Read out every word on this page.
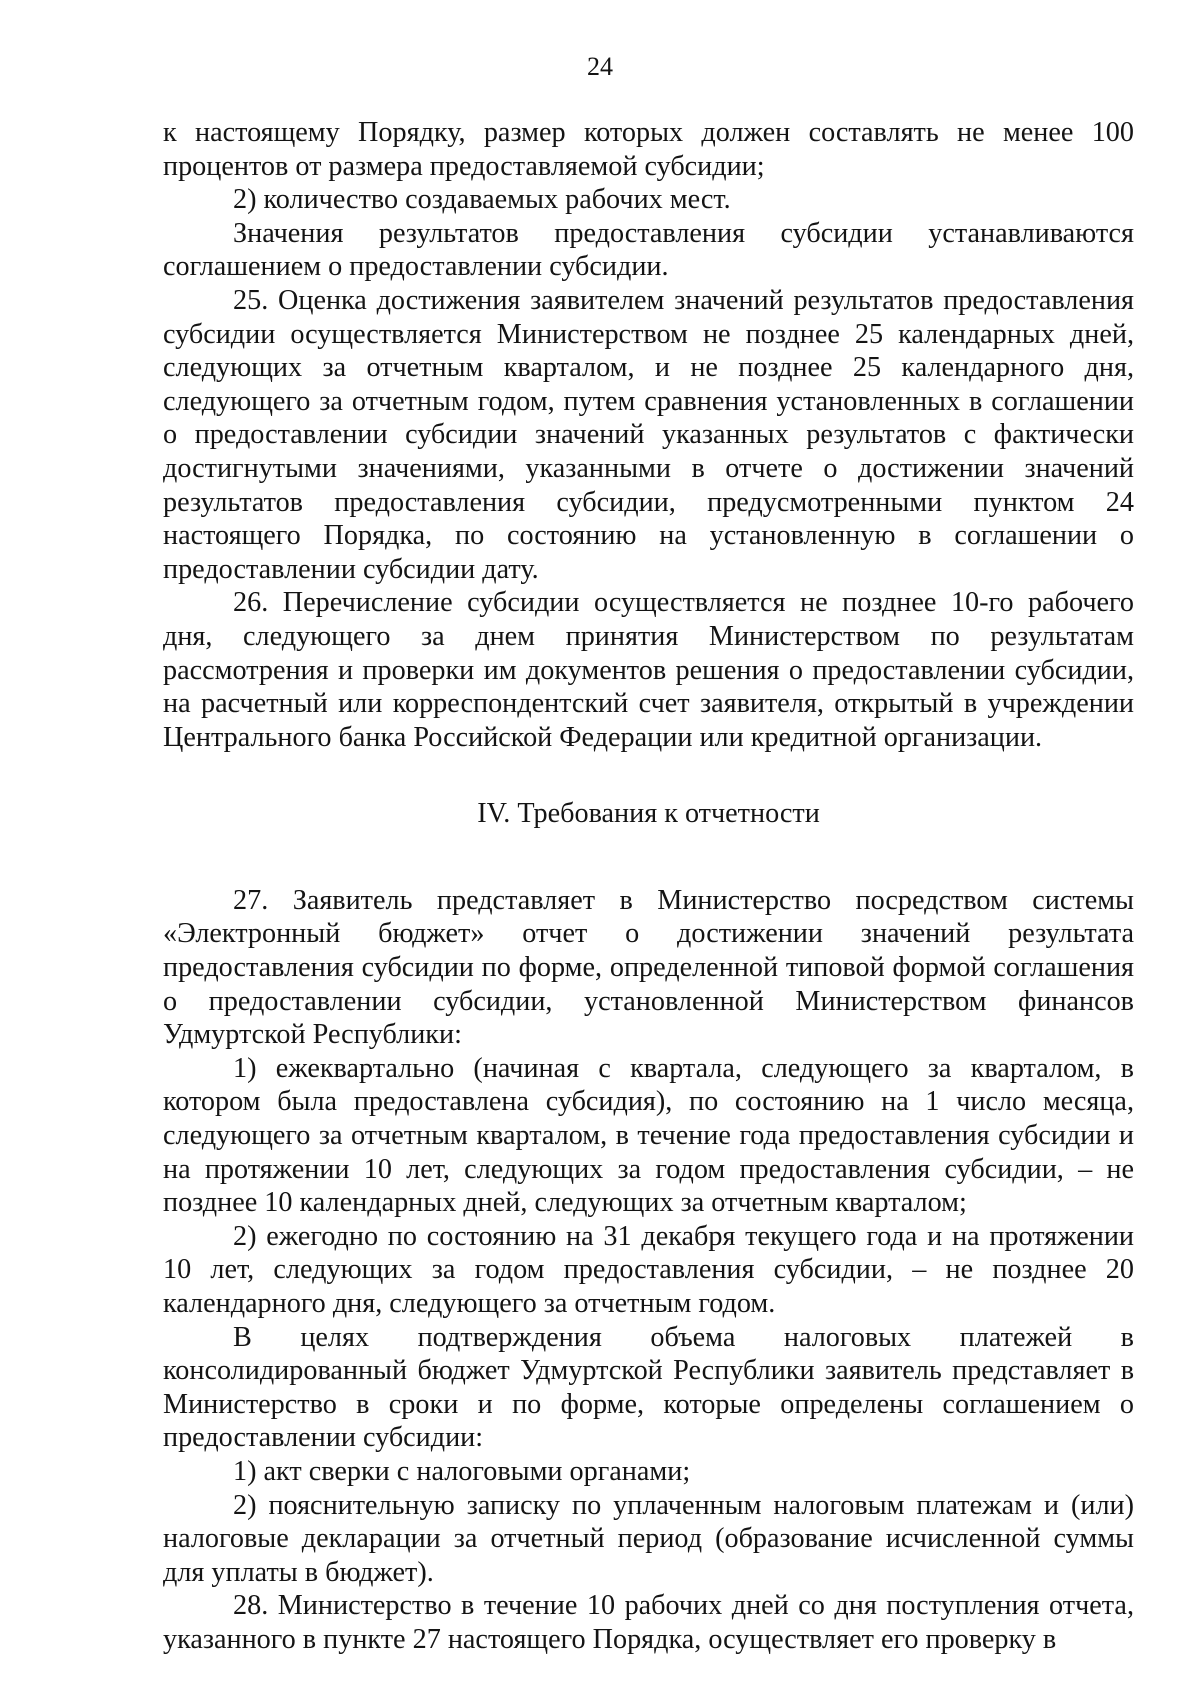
24

к настоящему Порядку, размер которых должен составлять не менее 100 процентов от размера предоставляемой субсидии;

2) количество создаваемых рабочих мест.

Значения результатов предоставления субсидии устанавливаются соглашением о предоставлении субсидии.

25. Оценка достижения заявителем значений результатов предоставления субсидии осуществляется Министерством не позднее 25 календарных дней, следующих за отчетным кварталом, и не позднее 25 календарного дня, следующего за отчетным годом, путем сравнения установленных в соглашении о предоставлении субсидии значений указанных результатов с фактически достигнутыми значениями, указанными в отчете о достижении значений результатов предоставления субсидии, предусмотренными пунктом 24 настоящего Порядка, по состоянию на установленную в соглашении о предоставлении субсидии дату.

26. Перечисление субсидии осуществляется не позднее 10-го рабочего дня, следующего за днем принятия Министерством по результатам рассмотрения и проверки им документов решения о предоставлении субсидии, на расчетный или корреспондентский счет заявителя, открытый в учреждении Центрального банка Российской Федерации или кредитной организации.

IV. Требования к отчетности

27. Заявитель представляет в Министерство посредством системы «Электронный бюджет» отчет о достижении значений результата предоставления субсидии по форме, определенной типовой формой соглашения о предоставлении субсидии, установленной Министерством финансов Удмуртской Республики:

1) ежеквартально (начиная с квартала, следующего за кварталом, в котором была предоставлена субсидия), по состоянию на 1 число месяца, следующего за отчетным кварталом, в течение года предоставления субсидии и на протяжении 10 лет, следующих за годом предоставления субсидии, – не позднее 10 календарных дней, следующих за отчетным кварталом;

2) ежегодно по состоянию на 31 декабря текущего года и на протяжении 10 лет, следующих за годом предоставления субсидии, – не позднее 20 календарного дня, следующего за отчетным годом.

В целях подтверждения объема налоговых платежей в консолидированный бюджет Удмуртской Республики заявитель представляет в Министерство в сроки и по форме, которые определены соглашением о предоставлении субсидии:

1) акт сверки с налоговыми органами;

2) пояснительную записку по уплаченным налоговым платежам и (или) налоговые декларации за отчетный период (образование исчисленной суммы для уплаты в бюджет).

28. Министерство в течение 10 рабочих дней со дня поступления отчета, указанного в пункте 27 настоящего Порядка, осуществляет его проверку в
